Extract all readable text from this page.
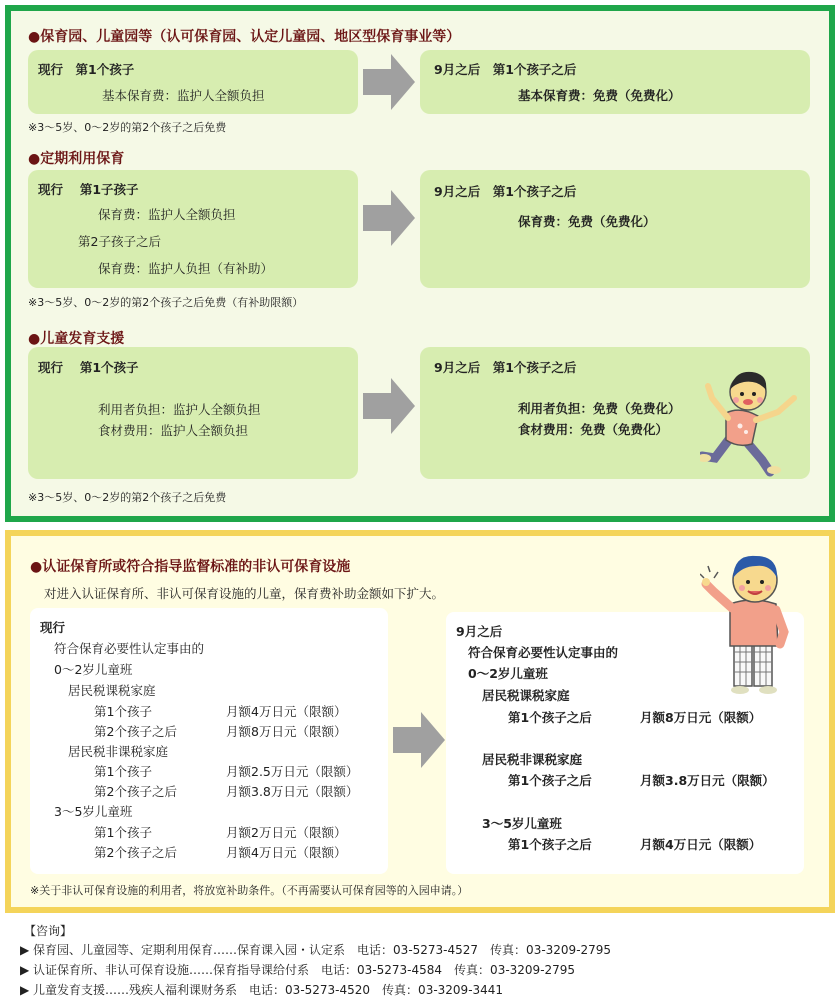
●保育园、儿童园等（认可保育园、认定儿童园、地区型保育事业等）
现行　第1个孩子
基本保育费：监护人全额负担
9月之后　第1个孩子之后
基本保育费：免费（免费化）
※3～5岁、0～2岁的第2个孩子之后免费
●定期利用保育
现行　 第1子孩子
保育费：监护人全额负担
第2子孩子之后
保育费：监护人负担（有补助）
9月之后　第1个孩子之后
保育费：免费（免费化）
※3～5岁、0～2岁的第2个孩子之后免费（有补助限额）
●儿童发育支援
现行　 第1个孩子
利用者负担：监护人全额负担
食材费用：监护人全额负担
9月之后　第1个孩子之后
利用者负担：免费（免费化）
食材费用：免费（免费化）
※3～5岁、0～2岁的第2个孩子之后免费
●认证保育所或符合指导监督标准的非认可保育设施
对进入认证保育所、非认可保育设施的儿童，保育费补助金额如下扩大。
现行
符合保育必要性认定事由的
0～2岁儿童班
居民税课税家庭
第1个孩子	月额4万日元（限额）
第2个孩子之后	月额8万日元（限额）
居民税非课税家庭
第1个孩子	月额2.5万日元（限额）
第2个孩子之后	月额3.8万日元（限额）
3～5岁儿童班
第1个孩子	月额2万日元（限额）
第2个孩子之后	月额4万日元（限额）
9月之后
符合保育必要性认定事由的
0～2岁儿童班
居民税课税家庭
第1个孩子之后	月额8万日元（限额）
居民税非课税家庭
第1个孩子之后	月额3.8万日元（限额）
3～5岁儿童班
第1个孩子之后	月额4万日元（限额）
※关于非认可保育设施的利用者，将放宽补助条件。（不再需要认可保育园等的入园申请。）
【咨询】
▶ 保育园、儿童园等、定期利用保育……保育课入园・认定系　电话：03-5273-4527　传真：03-3209-2795
▶ 认证保育所、非认可保育设施……保育指导课给付系　电话：03-5273-4584　传真：03-3209-2795
▶ 儿童发育支援……残疾人福利课财务系　电话：03-5273-4520　传真：03-3209-3441
